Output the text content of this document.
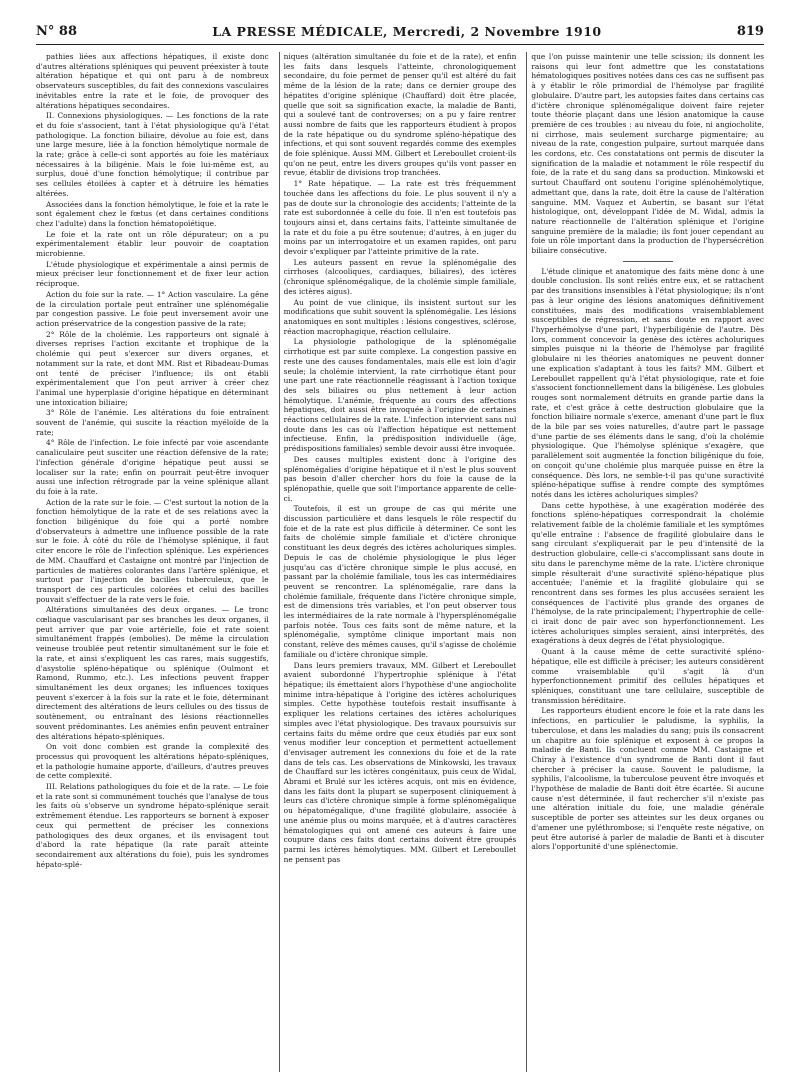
N° 88	LA PRESSE MÉDICALE, Mercredi, 2 Novembre 1910	819

pathies liées aux affections hépatiques, il existe donc d'autres altérations spléniques qui peuvent préexister à toute altération hépatique et qui ont paru à de nombreux observateurs susceptibles, du fait des connexions vasculaires inévitables entre la rate et le foie, de provoquer des altérations hépatiques secondaires.

II. Connexions physiologiques. — Les fonctions de la rate et du foie s'associent, tant à l'état physiologique qu'à l'état pathologique. La fonction biliaire, dévolue au foie est, dans une large mesure, liée à la fonction hémolytique normale de la rate; grâce à celle-ci sont apportés au foie les matériaux nécessaires à la biligénie. Mais le foie lui-même est, au surplus, doué d'une fonction hémolytique; il contribue par ses cellules étoilées à capter et à détruire les hématies altérées.

Associées dans la fonction hémolytique, le foie et la rate le sont également chez le fœtus (et dans certaines conditions chez l'adulte) dans la fonction hématopoïétique.

Le foie et la rate ont un rôle dépurateur; on a pu expérimentalement établir leur pouvoir de coaptation microbienne.

L'étude physiologique et expérimentale a ainsi permis de mieux préciser leur fonctionnement et de fixer leur action réciproque.

Action du foie sur la rate. — 1° Action vasculaire. La gêne de la circulation portale peut entraîner une splénomégalie par congestion passive. Le foie peut inversement avoir une action préservatrice de la congestion passive de la rate;

2° Rôle de la cholémie. Les rapporteurs ont signalé à diverses reprises l'action excitante et trophique de la cholémie qui peut s'exercer sur divers organes, et notamment sur la rate, et dont MM. Rist et Ribadeau-Dumas ont tenté de préciser l'influence; ils ont établi expérimentalement que l'on peut arriver à créer chez l'animal une hyperplasie d'origine hépatique en déterminant une intoxication biliaire;

3° Rôle de l'anémie. Les altérations du foie entraînent souvent de l'anémie, qui suscite la réaction myéloïde de la rate;

4° Rôle de l'infection. Le foie infecté par voie ascendante canaliculaire peut susciter une réaction défensive de la rate; l'infection générale d'origine hépatique peut aussi se localiser sur la rate; enfin on pourrait peut-être invoquer aussi une infection rétrograde par la veine splénique allant du foie à la rate.

Action de la rate sur le foie. — C'est surtout la notion de la fonction hémolytique de la rate et de ses relations avec la fonction biligénique du foie qui a porté nombre d'observateurs à admettre une influence possible de la rate sur le foie. À côté du rôle de l'hémolyse splénique, il faut citer encore le rôle de l'infection splénique. Les expériences de MM. Chauffard et Castaigne ont montré par l'injection de particules de matières colorantes dans l'artère splénique, et surtout par l'injection de bacilles tuberculeux, que le transport de ces particules colorées et celui des bacilles pouvait s'effectuer de la rate vers le foie.

Altérations simultanées des deux organes. — Le tronc cœliaque vascularisant par ses branches les deux organes, il peut arriver que par voie artérielle, foie et rate soient simultanément frappés (embolies). De même la circulation veineuse troublée peut retentir simultanément sur le foie et la rate, et ainsi s'expliquent les cas rares, mais suggestifs, d'asystolie spléno-hépatique ou splénique (Oulmont et Ramond, Rummo, etc.). Les infections peuvent frapper simultanément les deux organes; les influences toxiques peuvent s'exercer à la fois sur la rate et le foie, déterminant directement des altérations de leurs cellules ou des tissus de soutènement, ou entraînant des lésions réactionnelles souvent prédominantes. Les anémies enfin peuvent entraîner des altérations hépato-spléniques.

On voit donc combien est grande la complexité des processus qui provoquent les altérations hépato-spléniques, et la pathologie humaine apporte, d'ailleurs, d'autres preuves de cette complexité.

III. Relations pathologiques du foie et de la rate. — Le foie et la rate sont si communément touchés que l'analyse de tous les faits où s'observe un syndrome hépato-splénique serait extrêmement étendue. Les rapporteurs se bornent à exposer ceux qui permettent de préciser les connexions pathologiques des deux organes, et ils envisagent tout d'abord la rate hépatique (la rate paraît atteinte secondairement aux altérations du foie), puis les syndromes hépato-splé-

niques (altération simultanée du foie et de la rate), et enfin les faits dans lesquels l'atteinte, chronologiquement secondaire, du foie permet de penser qu'il est altéré du fait même de la lésion de la rate; dans ce dernier groupe des hépatites d'origine splénique (Chauffard) doit être placée, quelle que soit sa signification exacte, la maladie de Banti, qui a soulevé tant de controverses; on a pu y faire rentrer aussi nombre de faits que les rapporteurs étudient à propos de la rate hépatique ou du syndrome spléno-hépatique des infections, et qui sont souvent regardés comme des exemples de foie splénique. Aussi MM. Gilbert et Lereboullet croient-ils qu'on ne peut, entre les divers groupes qu'ils vont passer en revue, établir de divisions trop tranchées.

1° Rate hépatique. — La rate est très fréquemment touchée dans les affections du foie. Le plus souvent il n'y a pas de doute sur la chronologie des accidents; l'atteinte de la rate est subordonnée à celle du foie. Il n'en est toutefois pas toujours ainsi et, dans certains faits, l'atteinte simultanée de la rate et du foie a pu être soutenue; d'autres, à en juger du moins par un interrogatoire et un examen rapides, ont paru devoir s'expliquer par l'atteinte primitive de la rate.

Les auteurs passent en revue la splénomégalie des cirrhoses (alcooliques, cardiaques, biliaires), des ictères (chronique splénomégalique, de la cholémie simple familiale, des ictères aigus).

Au point de vue clinique, ils insistent surtout sur les modifications que subit souvent la splénomégalie. Les lésions anatomiques en sont multiples : lésions congestives, sclérose, réaction macrophagique, réaction cellulaire.

La physiologie pathologique de la splénomégalie cirrhotique est par suite complexe. La congestion passive en reste une des causes fondamentales, mais elle est loin d'agir seule; la cholémie intervient, la rate cirrhotique étant pour une part une rate réactionnelle réagissant à l'action toxique des sels biliaires ou plus nettement à leur action hémolytique. L'anémie, fréquente au cours des affections hépatiques, doit aussi être invoquée à l'origine de certaines réactions cellulaires de la rate. L'infection intervient sans nul doute dans les cas où l'affection hépatique est nettement infectieuse. Enfin, la prédisposition individuelle (âge, prédispositions familiales) semble devoir aussi être invoquée.

Des causes multiples existent donc à l'origine des splénomégalies d'origine hépatique et il n'est le plus souvent pas besoin d'aller chercher hors du foie la cause de la splénopathie, quelle que soit l'importance apparente de celle-ci.

Toutefois, il est un groupe de cas qui mérite une discussion particulière et dans lesquels le rôle respectif du foie et de la rate est plus difficile à déterminer. Ce sont les faits de cholémie simple familiale et d'ictère chronique constituant les deux degrés des ictères acholuriques simples. Depuis le cas de cholémie physiologique le plus léger jusqu'au cas d'ictère chronique simple le plus accusé, en passant par la cholémie familiale, tous les cas intermédiaires peuvent se rencontrer. La splénomégalie, rare dans la cholémie familiale, fréquente dans l'ictère chronique simple, est de dimensions très variables, et l'on peut observer tous les intermédiaires de la rate normale à l'hypersplénomégalie parfois notée. Tous ces faits sont de même nature, et la splénomégalie, symptôme clinique important mais non constant, relève des mêmes causes, qu'il s'agisse de cholémie familiale ou d'ictère chronique simple.

Dans leurs premiers travaux, MM. Gilbert et Lereboullet avaient subordonné l'hypertrophie splénique à l'état hépatique; ils émettaient alors l'hypothèse d'une angiocholite minime intra-hépatique à l'origine des ictères acholuriques simples. Cette hypothèse toutefois restait insuffisante à expliquer les relations certaines des ictères acholuriques simples avec l'état physiologique. Des travaux poursuivis sur certains faits du même ordre que ceux étudiés par eux sont venus modifier leur conception et permettent actuellement d'envisager autrement les connexions du foie et de la rate dans de tels cas. Les observations de Minkowski, les travaux de Chauffard sur les ictères congénitaux, puis ceux de Widal, Abrami et Brulé sur les ictères acquis, ont mis en évidence, dans les faits dont la plupart se superposent cliniquement à leurs cas d'ictère chronique simple à forme splénomégalique ou hépatomégalique, d'une fragilité globulaire, associée à une anémie plus ou moins marquée, et à d'autres caractères hématologiques qui ont amené ces auteurs à faire une coupure dans ces faits dont certains doivent être groupés parmi les ictères hémolytiques. MM. Gilbert et Lereboullet ne pensent pas

que l'on puisse maintenir une telle scission; ils donnent les raisons qui leur font admettre que les constatations hématologiques positives notées dans ces cas ne suffisent pas à y établir le rôle primordial de l'hémolyse par fragilité globulaire. D'autre part, les autopsies faites dans certains cas d'ictère chronique splénomégalique doivent faire rejeter toute théorie plaçant dans une lésion anatomique la cause première de ces troubles : au niveau du foie, ni angiocholite, ni cirrhose, mais seulement surcharge pigmentaire; au niveau de la rate, congestion pulpaire, surtout marquée dans les cordons, etc. Ces constatations ont permis de discuter la signification de la maladie et notamment le rôle respectif du foie, de la rate et du sang dans sa production. Minkowski et surtout Chauffard ont soutenu l'origine splénohémolytique, admettant que, dans la rate, doit être la cause de l'altération sanguine. MM. Vaquez et Aubertin, se basant sur l'état histologique, ont, développant l'idée de M. Widal, admis la nature réactionnelle de l'altération splénique et l'origine sanguine première de la maladie; ils font jouer cependant au foie un rôle important dans la production de l'hypersécrétion biliaire consécutive.

L'étude clinique et anatomique des faits mène donc à une double conclusion. Ils sont reliés entre eux, et se rattachent par des transitions insensibles à l'état physiologique; ils n'ont pas à leur origine des lésions anatomiques définitivement constituées, mais des modifications vraisemblablement susceptibles de régression, et sans doute en rapport avec l'hyperhémolyse d'une part, l'hyperbiligénie de l'autre. Dès lors, comment concevoir la genèse des ictères acholuriques simples puisque ni la théorie de l'hémolyse par fragilité globulaire ni les théories anatomiques ne peuvent donner une explication s'adaptant à tous les faits? MM. Gilbert et Lereboullet rappellent qu'à l'état physiologique, rate et foie s'associent fonctionnellement dans la biligénèse. Les globules rouges sont normalement détruits en grande partie dans la rate, et c'est grâce à cette destruction globulaire que la fonction biliaire normale s'exerce, amenant d'une part le flux de la bile par ses voies naturelles, d'autre part le passage d'une partie de ses éléments dans le sang, d'où la cholémie physiologique. Que l'hémolyse splénique s'exagère, que parallèlement soit augmentée la fonction biligénique du foie, on conçoit qu'une cholémie plus marquée puisse en être la conséquence. Dès lors, ne semble-t-il pas qu'une suractivité spléno-hépatique suffise à rendre compte des symptômes notés dans les ictères acholuriques simples?

Dans cette hypothèse, à une exagération modérée des fonctions spléno-hépatiques correspondrait la cholémie relativement faible de la cholémie familiale et les symptômes qu'elle entraîne : l'absence de fragilité globulaire dans le sang circulant s'expliquerait par le peu d'intensité de la destruction globulaire, celle-ci s'accomplissant sans doute in situ dans le parenchyme même de la rate. L'ictère chronique simple résulterait d'une suractivité spléno-hépatique plus accentuée; l'anémie et la fragilité globulaire qui se rencontrent dans ses formes les plus accusées seraient les conséquences de l'activité plus grande des organes de l'hémolyse, de la rate principalement; l'hypertrophie de celle-ci irait donc de pair avec son hyperfonctionnement. Les ictères acholuriques simples seraient, ainsi interprétés, des exagérations à deux degrés de l'état physiologique.

Quant à la cause même de cette suractivité spléno-hépatique, elle est difficile à préciser; les auteurs considèrent comme vraisemblable qu'il s'agit là d'un hyperfonctionnement primitif des cellules hépatiques et spléniques, constituant une tare cellulaire, susceptible de transmission héréditaire.

Les rapporteurs étudient encore le foie et la rate dans les infections, en particulier le paludisme, la syphilis, la tuberculose, et dans les maladies du sang; puis ils consacrent un chapitre au foie splénique et exposent à ce propos la maladie de Banti. Ils concluent comme MM. Castaigne et Chiray à l'existence d'un syndrome de Banti dont il faut chercher à préciser la cause. Souvent le paludisme, la syphilis, l'alcoolisme, la tuberculose peuvent être invoqués et l'hypothèse de maladie de Banti doit être écartée. Si aucune cause n'est déterminée, il faut rechercher s'il n'existe pas une altération initiale du foie, une maladie générale susceptible de porter ses atteintes sur les deux organes ou d'amener une pyléthrombose; si l'enquête reste négative, on peut être autorisé à parler de maladie de Banti et à discuter alors l'opportunité d'une splénectomie.
